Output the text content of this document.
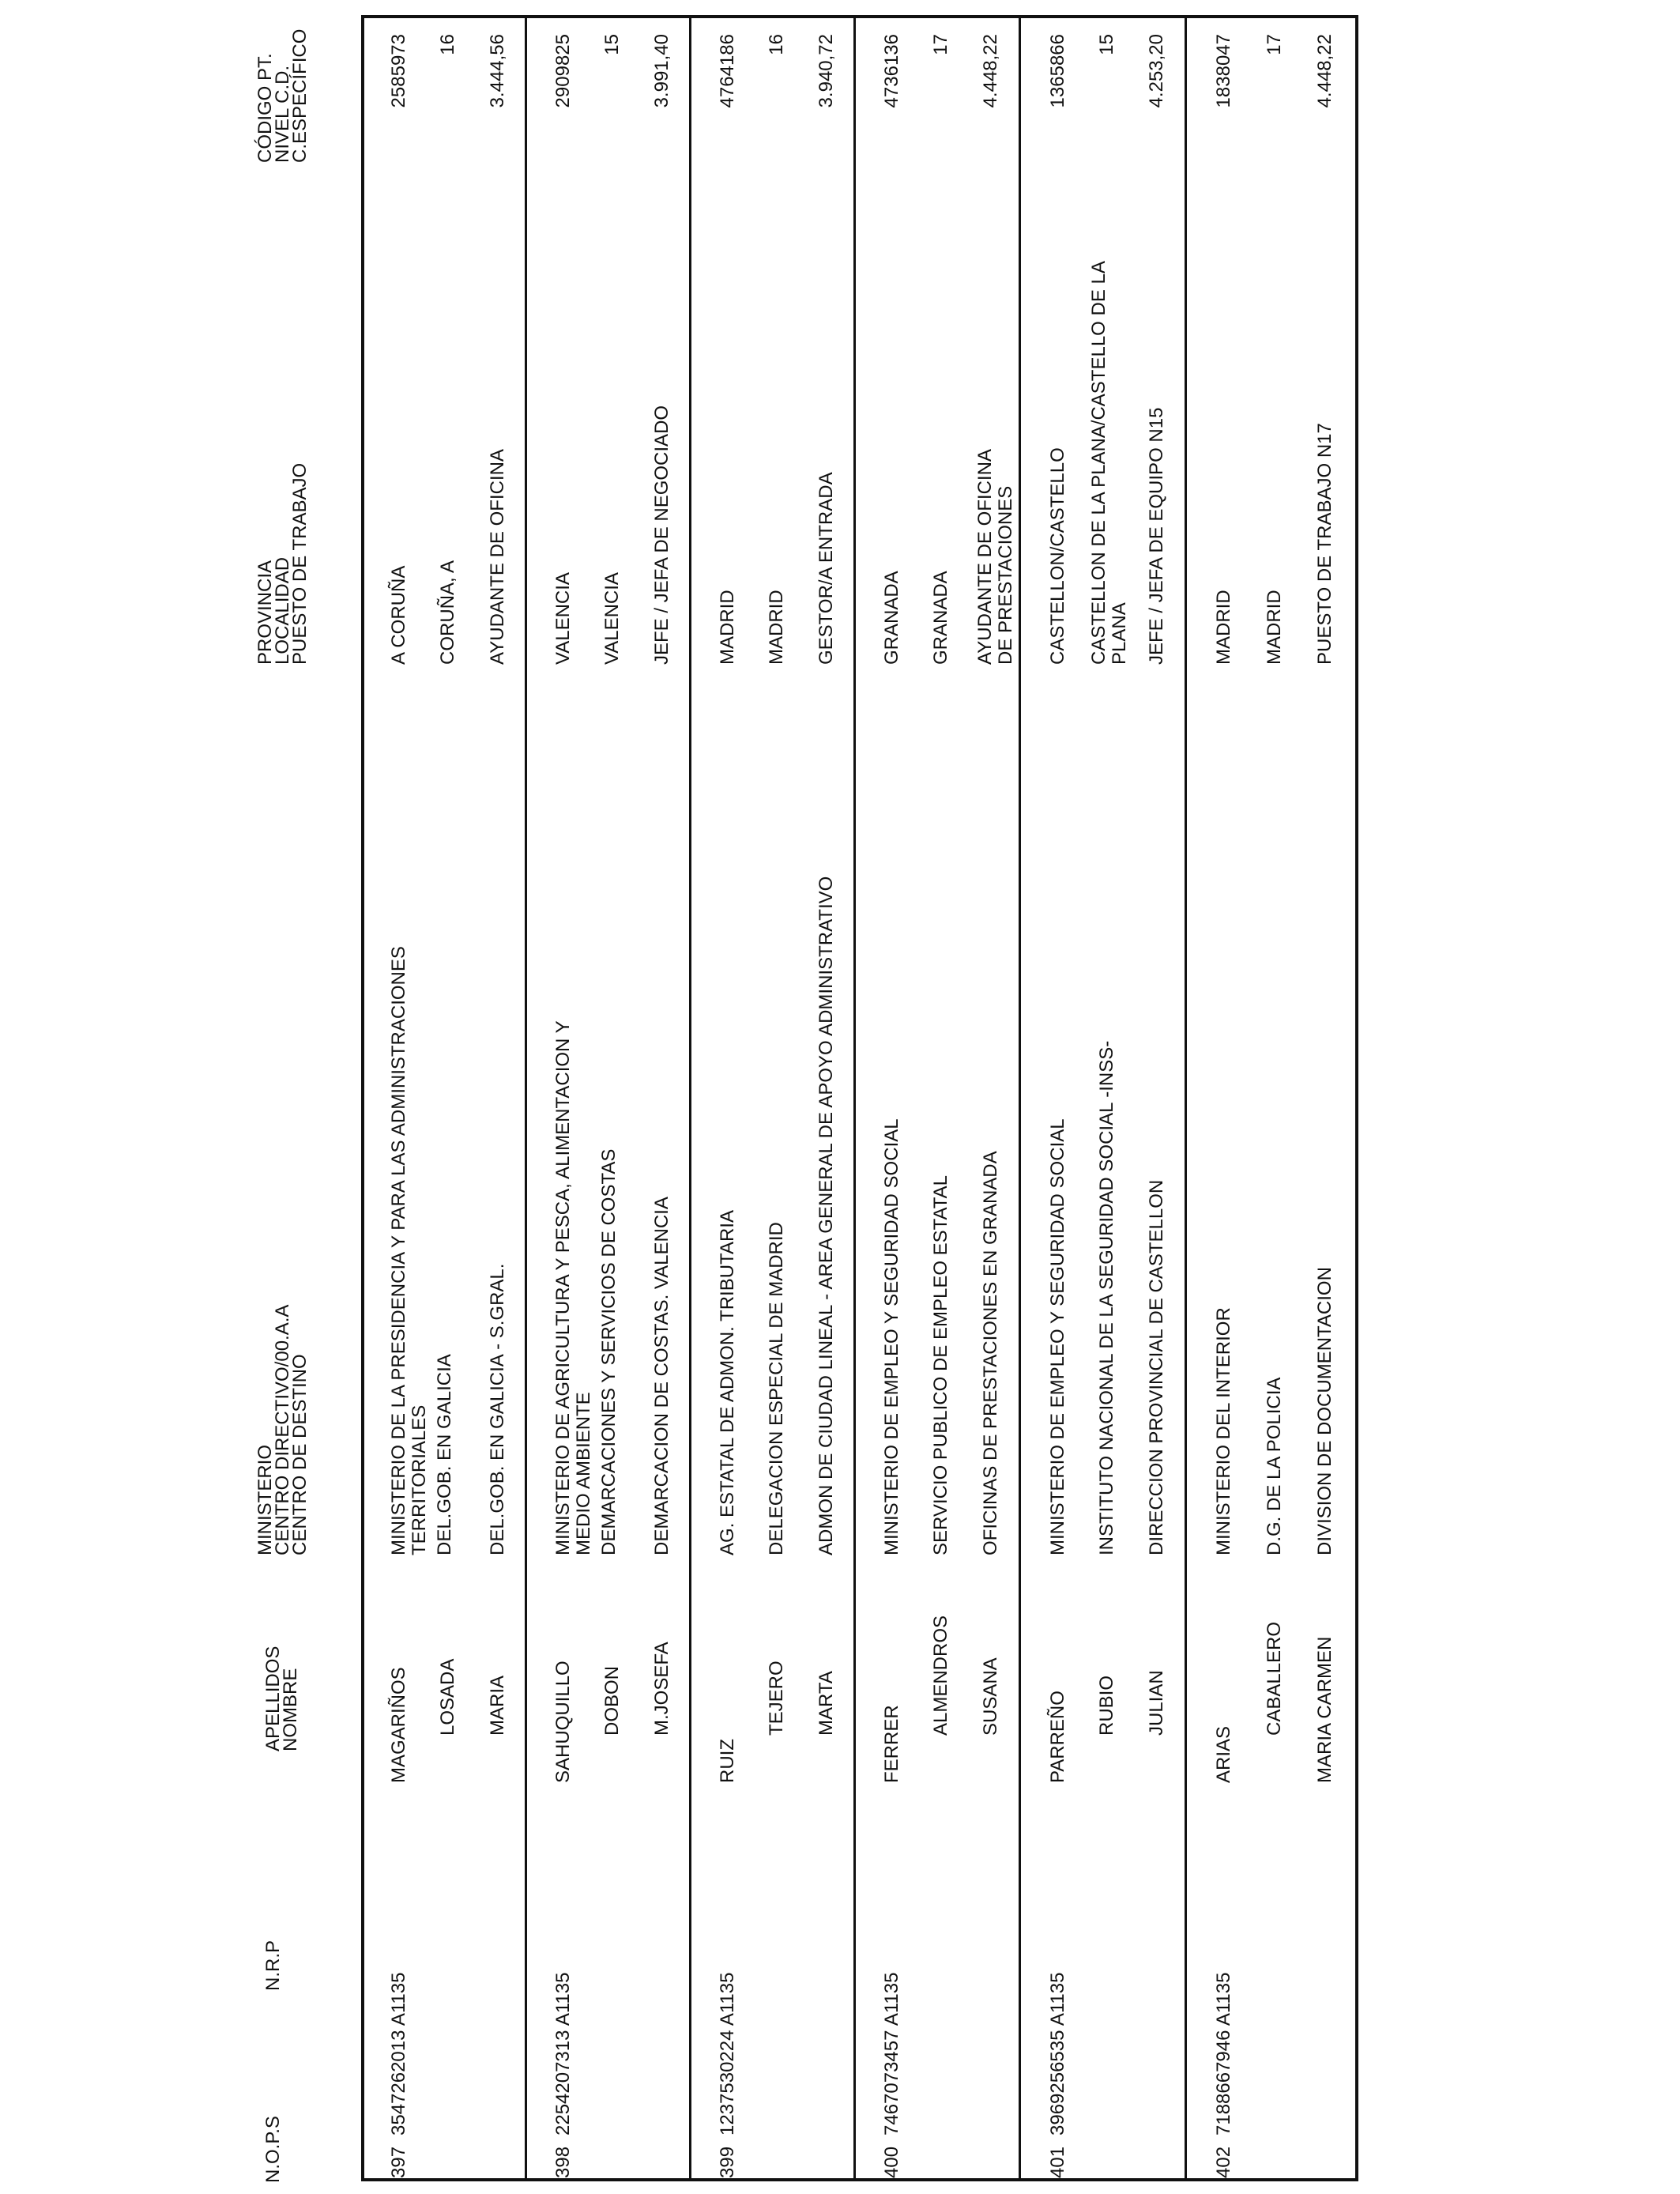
N.O.P.S
N.R.P
APELLIDOS
NOMBRE
MINISTERIO
CENTRO DIRECTIVO/00.A.A
CENTRO DE DESTINO
PROVINCIA
LOCALIDAD
PUESTO DE TRABAJO
CÓDIGO PT.
NIVEL C.D.
C.ESPECÍFICO
397
3547262013 A1135
MAGARIÑOS LOSADA MARIA
MINISTERIO DE LA PRESIDENCIA Y PARA LAS ADMINISTRACIONES TERRITORIALES DEL.GOB. EN GALICIA DEL.GOB. EN GALICIA - S.GRAL.
A CORUÑA CORUÑA, A AYUDANTE DE OFICINA
2585973 16 3.444,56
398
2254207313 A1135
SAHUQUILLO DOBON M.JOSEFA
MINISTERIO DE AGRICULTURA Y PESCA, ALIMENTACION Y MEDIO AMBIENTE DEMARCACIONES Y SERVICIOS DE COSTAS DEMARCACION DE COSTAS. VALENCIA
VALENCIA VALENCIA JEFE / JEFA DE NEGOCIADO
2909825 15 3.991,40
399
1237530224 A1135
RUIZ
TEJERO MARTA
AG. ESTATAL DE ADMON. TRIBUTARIA DELEGACION ESPECIAL DE MADRID ADMON DE CIUDAD LINEAL - AREA GENERAL DE APOYO ADMINISTRATIVO
MADRID MADRID GESTOR/A ENTRADA
4764186 16 3.940,72
400
7467073457 A1135
FERRER
ALMENDROS SUSANA
MINISTERIO DE EMPLEO Y SEGURIDAD SOCIAL SERVICIO PUBLICO DE EMPLEO ESTATAL OFICINAS DE PRESTACIONES EN GRANADA
GRANADA GRANADA AYUDANTE DE OFICINA DE PRESTACIONES
4736136 17 4.448,22
401
3969256535 A1135
PARREÑO RUBIO JULIAN
MINISTERIO DE EMPLEO Y SEGURIDAD SOCIAL INSTITUTO NACIONAL DE LA SEGURIDAD SOCIAL -INSS- DIRECCION PROVINCIAL DE CASTELLON
CASTELLON/CASTELLO CASTELLON DE LA PLANA/CASTELLO DE LA PLANA JEFE / JEFA DE EQUIPO N15
1365866 15 4.253,20
402
7188667946 A1135
ARIAS
CABALLERO MARIA CARMEN
MINISTERIO DEL INTERIOR D.G. DE LA POLICIA DIVISION DE DOCUMENTACION
MADRID MADRID PUESTO DE TRABAJO N17
1838047 17 4.448,22
